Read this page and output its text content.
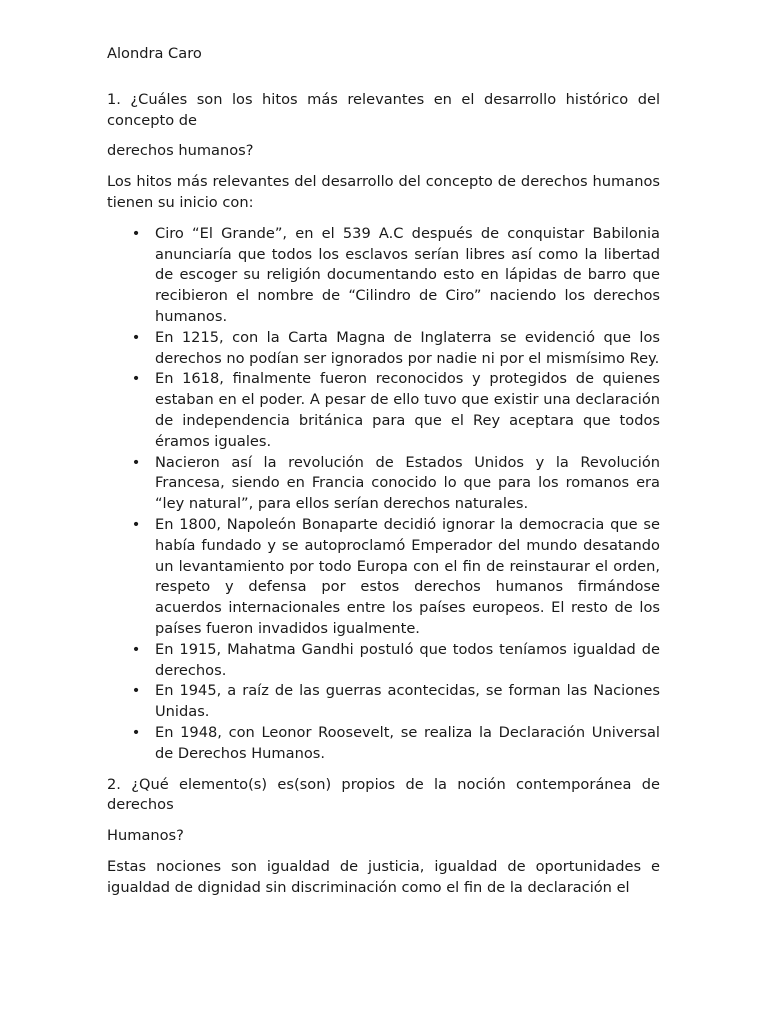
Alondra Caro

1. ¿Cuáles son los hitos más relevantes en el desarrollo histórico del concepto de

derechos humanos?

Los hitos más relevantes del desarrollo del concepto de derechos humanos tienen su inicio con:

• Ciro “El Grande”, en el 539 A.C después de conquistar Babilonia anunciaría que todos los esclavos serían libres así como la libertad de escoger su religión documentando esto en lápidas de barro que recibieron el nombre de “Cilindro de Ciro” naciendo los derechos humanos.
• En 1215, con la Carta Magna de Inglaterra se evidenció que los derechos no podían ser ignorados por nadie ni por el mismísimo Rey.
• En 1618, finalmente fueron reconocidos y protegidos de quienes estaban en el poder. A pesar de ello tuvo que existir una declaración de independencia británica para que el Rey aceptara que todos éramos iguales.
• Nacieron así la revolución de Estados Unidos y la Revolución Francesa, siendo en Francia conocido lo que para los romanos era “ley natural”, para ellos serían derechos naturales.
• En 1800, Napoleón Bonaparte decidió ignorar la democracia que se había fundado y se autoproclamó Emperador del mundo desatando un levantamiento por todo Europa con el fin de reinstaurar el orden, respeto y defensa por estos derechos humanos firmándose acuerdos internacionales entre los países europeos. El resto de los países fueron invadidos igualmente.
• En 1915, Mahatma Gandhi postuló que todos teníamos igualdad de derechos.
• En 1945, a raíz de las guerras acontecidas, se forman las Naciones Unidas.
• En 1948, con Leonor Roosevelt, se realiza la Declaración Universal de Derechos Humanos.

2. ¿Qué elemento(s) es(son) propios de la noción contemporánea de derechos

Humanos?

Estas nociones son igualdad de justicia, igualdad de oportunidades e igualdad de dignidad sin discriminación como el fin de la declaración el
